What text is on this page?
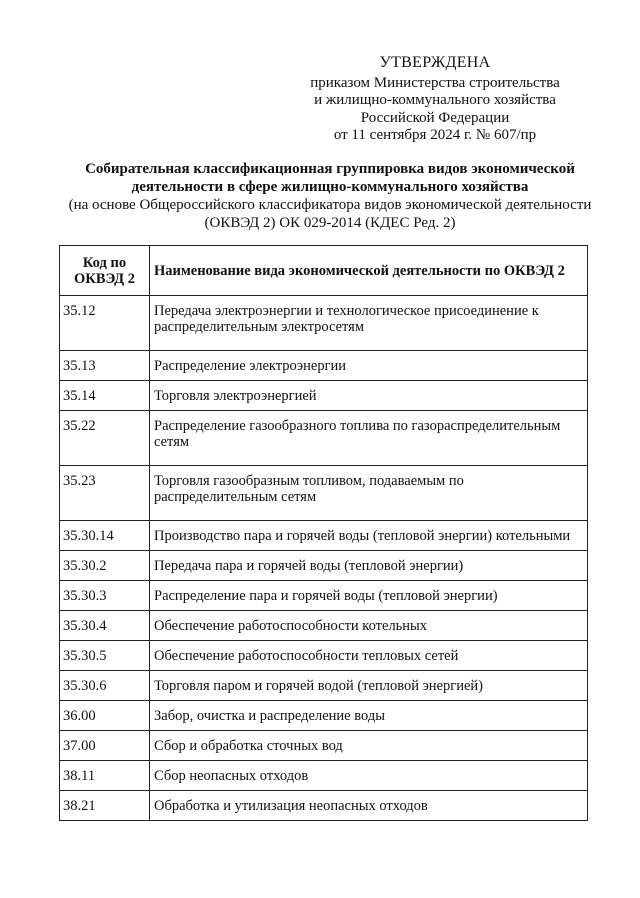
УТВЕРЖДЕНА
приказом Министерства строительства
и жилищно-коммунального хозяйства
Российской Федерации
от 11 сентября 2024 г. № 607/пр
Собирательная классификационная группировка видов экономической
деятельности в сфере жилищно-коммунального хозяйства
(на основе Общероссийского классификатора видов экономической деятельности
(ОКВЭД 2) ОК 029-2014 (КДЕС Ред. 2)
Код по ОКВЭД 2	Наименование вида экономической деятельности по ОКВЭД 2
35.12	Передача электроэнергии и технологическое присоединение к распределительным электросетям
35.13	Распределение электроэнергии
35.14	Торговля электроэнергией
35.22	Распределение газообразного топлива по газораспределительным сетям
35.23	Торговля газообразным топливом, подаваемым по распределительным сетям
35.30.14	Производство пара и горячей воды (тепловой энергии) котельными
35.30.2	Передача пара и горячей воды (тепловой энергии)
35.30.3	Распределение пара и горячей воды (тепловой энергии)
35.30.4	Обеспечение работоспособности котельных
35.30.5	Обеспечение работоспособности тепловых сетей
35.30.6	Торговля паром и горячей водой (тепловой энергией)
36.00	Забор, очистка и распределение воды
37.00	Сбор и обработка сточных вод
38.11	Сбор неопасных отходов
38.21	Обработка и утилизация неопасных отходов
